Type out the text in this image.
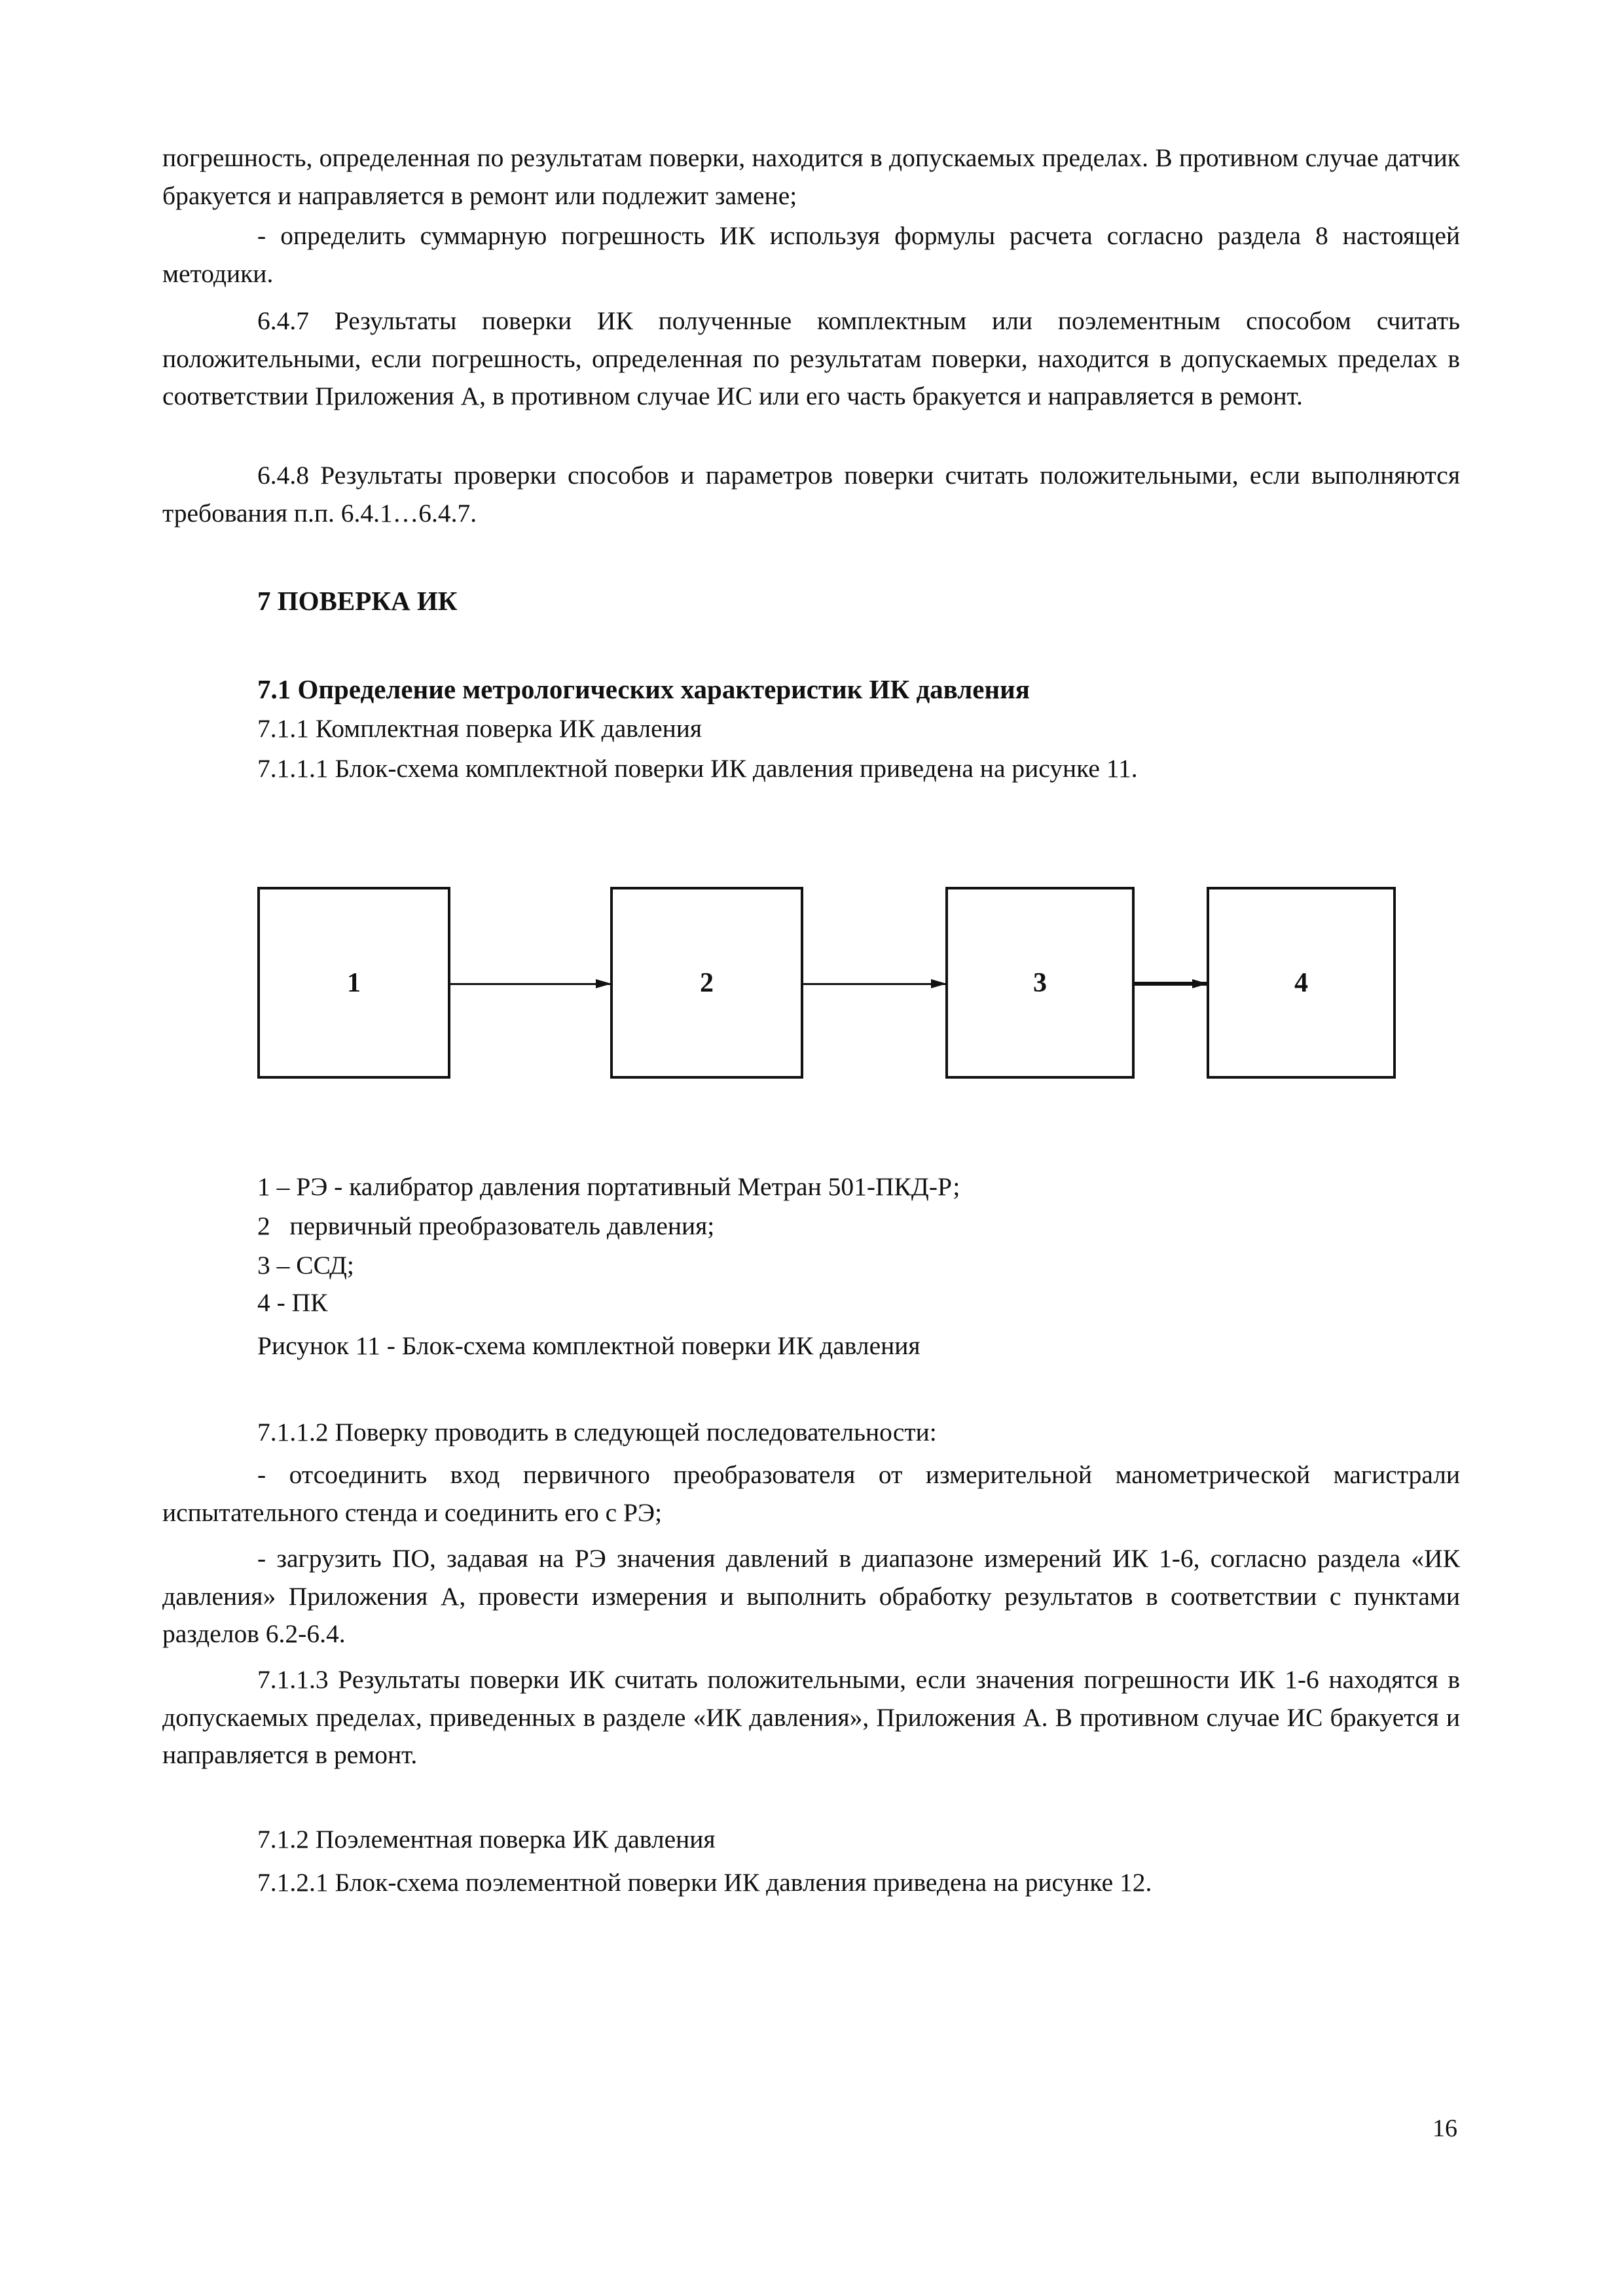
погрешность, определенная по результатам поверки, находится в допускаемых пределах. В противном случае датчик бракуется и направляется в ремонт или подлежит замене;

- определить суммарную погрешность ИК используя формулы расчета согласно раздела 8 настоящей методики.

6.4.7 Результаты поверки ИК полученные комплектным или поэлементным способом считать положительными, если погрешность, определенная по результатам поверки, находится в допускаемых пределах в соответствии Приложения А, в противном случае ИС или его часть бракуется и направляется в ремонт.

6.4.8 Результаты проверки способов и параметров поверки считать положительными, если выполняются требования п.п. 6.4.1…6.4.7.

7 ПОВЕРКА ИК

7.1 Определение метрологических характеристик ИК давления

7.1.1 Комплектная поверка ИК давления

7.1.1.1 Блок-схема комплектной поверки ИК давления приведена на рисунке 11.

1	2	3	4

1 – РЭ - калибратор давления портативный Метран 501-ПКД-Р;

2   первичный преобразователь давления;

3 – ССД;

4 - ПК

Рисунок 11 - Блок-схема комплектной поверки ИК давления

7.1.1.2 Поверку проводить в следующей последовательности:

- отсоединить вход первичного преобразователя от измерительной манометрической магистрали испытательного стенда и соединить его с РЭ;

- загрузить ПО, задавая на РЭ значения давлений в диапазоне измерений ИК 1-6, согласно раздела «ИК давления» Приложения А, провести измерения и выполнить обработку результатов в соответствии с пунктами разделов 6.2-6.4.

7.1.1.3 Результаты поверки ИК считать положительными, если значения погрешности ИК 1-6 находятся в допускаемых пределах, приведенных в разделе «ИК давления», Приложения А. В противном случае ИС бракуется и направляется в ремонт.

7.1.2 Поэлементная поверка ИК давления

7.1.2.1 Блок-схема поэлементной поверки ИК давления приведена на рисунке 12.

16
